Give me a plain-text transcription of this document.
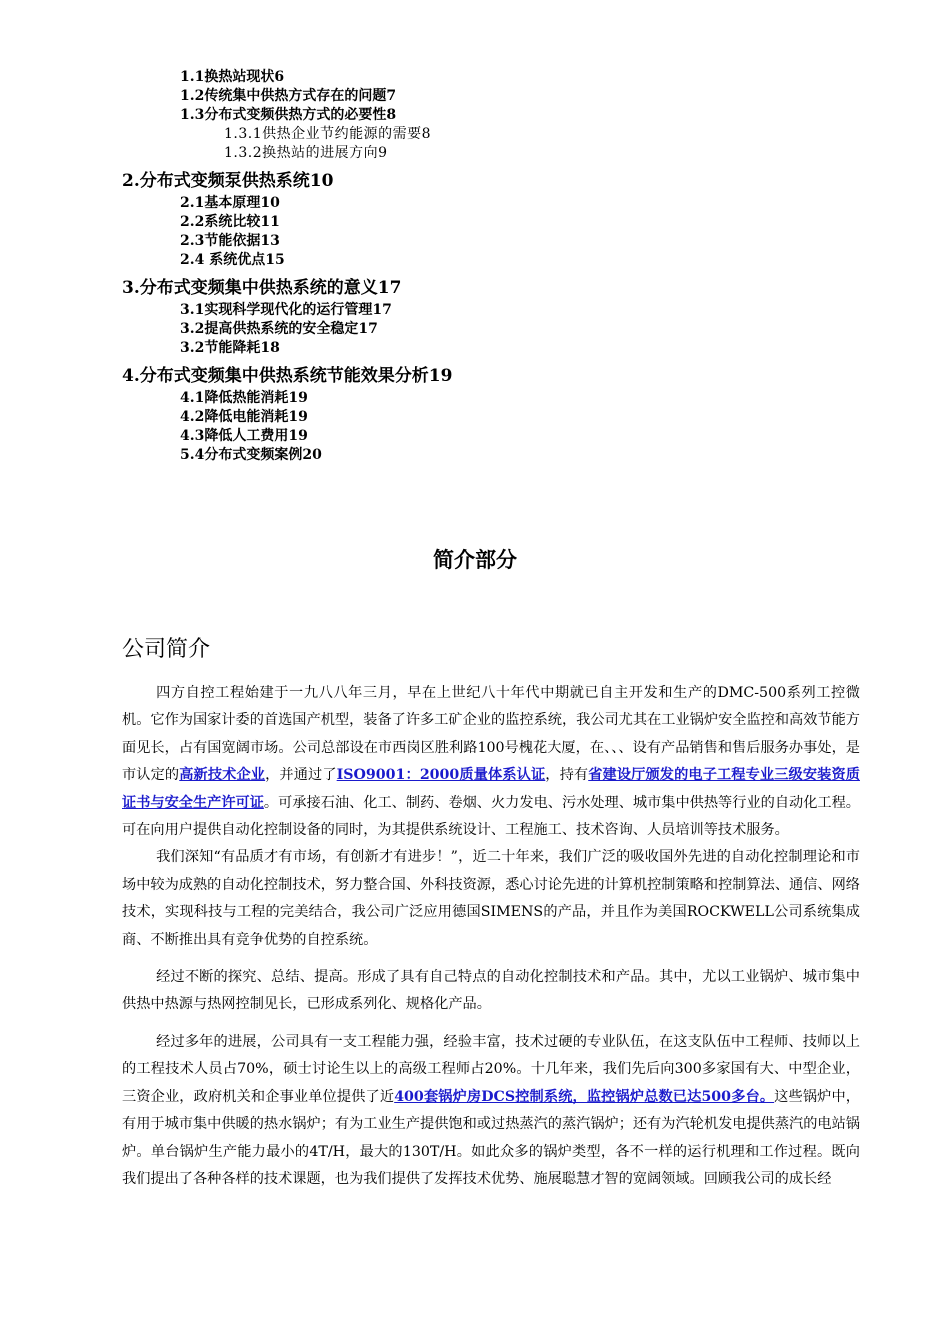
1.1换热站现状6
1.2传统集中供热方式存在的问题7
1.3分布式变频供热方式的必要性8
1.3.1供热企业节约能源的需要8
1.3.2换热站的进展方向9
2.分布式变频泵供热系统10
2.1基本原理10
2.2系统比较11
2.3节能依据13
2.4 系统优点15
3.分布式变频集中供热系统的意义17
3.1实现科学现代化的运行管理17
3.2提高供热系统的安全稳定17
3.2节能降耗18
4.分布式变频集中供热系统节能效果分析19
4.1降低热能消耗19
4.2降低电能消耗19
4.3降低人工费用19
5.4分布式变频案例20
简介部分
公司简介

四方自控工程始建于一九八八年三月，早在上世纪八十年代中期就已自主开发和生产的DMC-500系列工控微机。它作为国家计委的首选国产机型，装备了许多工矿企业的监控系统，我公司尤其在工业锅炉安全监控和高效节能方面见长，占有国宽阔市场。公司总部设在市西岗区胜利路100号槐花大厦，在、、、设有产品销售和售后服务办事处，是市认定的高新技术企业，并通过了ISO9001：2000质量体系认证，持有省建设厅颁发的电子工程专业三级安装资质证书与安全生产许可证。可承接石油、化工、制药、卷烟、火力发电、污水处理、城市集中供热等行业的自动化工程。可在向用户提供自动化控制设备的同时，为其提供系统设计、工程施工、技术咨询、人员培训等技术服务。

我们深知“有品质才有市场，有创新才有进步！”，近二十年来，我们广泛的吸收国外先进的自动化控制理论和市场中较为成熟的自动化控制技术，努力整合国、外科技资源，悉心讨论先进的计算机控制策略和控制算法、通信、网络技术，实现科技与工程的完美结合，我公司广泛应用德国SIMENS的产品，并且作为美国ROCKWELL公司系统集成商、不断推出具有竞争优势的自控系统。

经过不断的探究、总结、提高。形成了具有自己特点的自动化控制技术和产品。其中，尤以工业锅炉、城市集中供热中热源与热网控制见长，已形成系列化、规格化产品。

经过多年的进展，公司具有一支工程能力强，经验丰富，技术过硬的专业队伍，在这支队伍中工程师、技师以上的工程技术人员占70%，硕士讨论生以上的高级工程师占20%。十几年来，我们先后向300多家国有大、中型企业，三资企业，政府机关和企事业单位提供了近400套锅炉房DCS控制系统，监控锅炉总数已达500多台。这些锅炉中，有用于城市集中供暖的热水锅炉；有为工业生产提供饱和或过热蒸汽的蒸汽锅炉；还有为汽轮机发电提供蒸汽的电站锅炉。单台锅炉生产能力最小的4T/H，最大的130T/H。如此众多的锅炉类型，各不一样的运行机理和工作过程。既向我们提出了各种各样的技术课题，也为我们提供了发挥技术优势、施展聪慧才智的宽阔领域。回顾我公司的成长经
